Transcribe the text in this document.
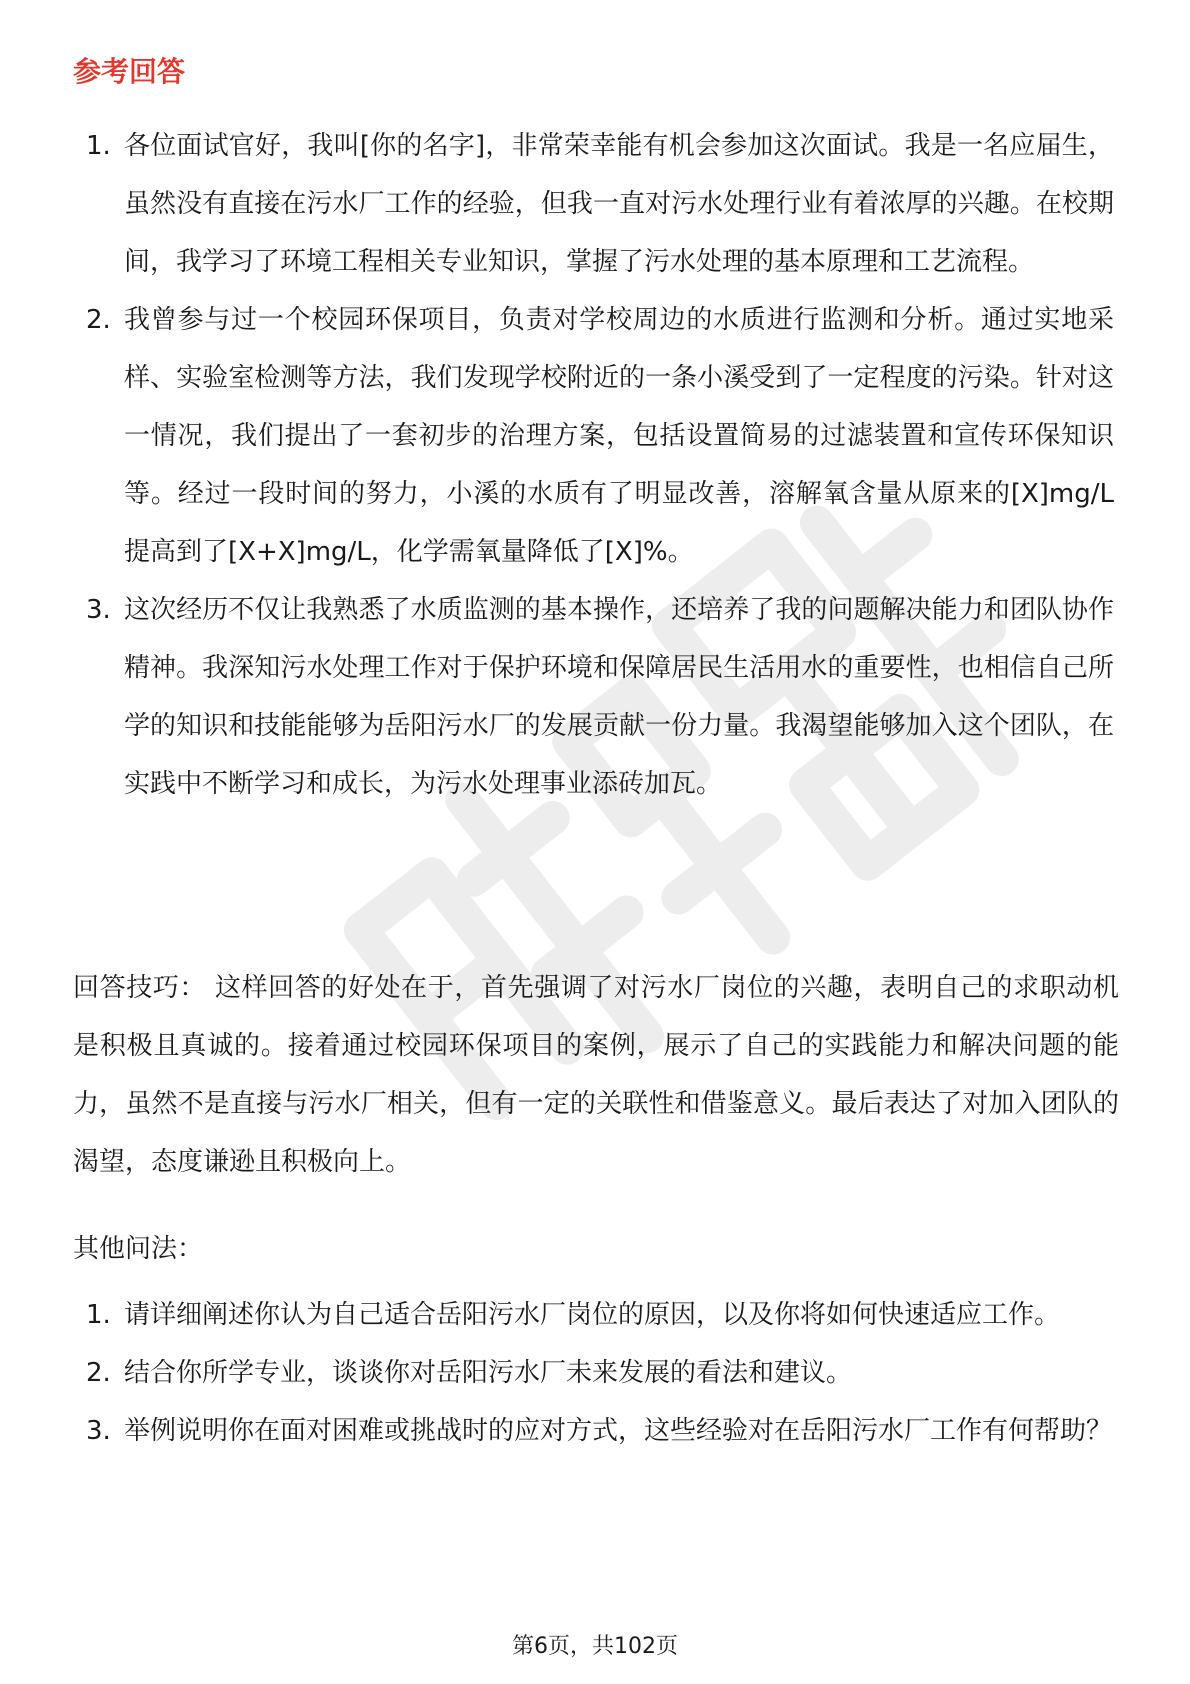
参考回答
1. 各位面试官好，我叫[你的名字]，非常荣幸能有机会参加这次面试。我是一名应届生，虽然没有直接在污水厂工作的经验，但我一直对污水处理行业有着浓厚的兴趣。在校期间，我学习了环境工程相关专业知识，掌握了污水处理的基本原理和工艺流程。
2. 我曾参与过一个校园环保项目，负责对学校周边的水质进行监测和分析。通过实地采样、实验室检测等方法，我们发现学校附近的一条小溪受到了一定程度的污染。针对这一情况，我们提出了一套初步的治理方案，包括设置简易的过滤装置和宣传环保知识等。经过一段时间的努力，小溪的水质有了明显改善，溶解氧含量从原来的[X]mg/L 提高到了[X+X]mg/L，化学需氧量降低了[X]%。
3. 这次经历不仅让我熟悉了水质监测的基本操作，还培养了我的问题解决能力和团队协作精神。我深知污水处理工作对于保护环境和保障居民生活用水的重要性，也相信自己所学的知识和技能能够为岳阳污水厂的发展贡献一份力量。我渴望能够加入这个团队，在实践中不断学习和成长，为污水处理事业添砖加瓦。

回答技巧： 这样回答的好处在于，首先强调了对污水厂岗位的兴趣，表明自己的求职动机是积极且真诚的。接着通过校园环保项目的案例，展示了自己的实践能力和解决问题的能力，虽然不是直接与污水厂相关，但有一定的关联性和借鉴意义。最后表达了对加入团队的渴望，态度谦逊且积极向上。

其他问法：

1. 请详细阐述你认为自己适合岳阳污水厂岗位的原因，以及你将如何快速适应工作。
2. 结合你所学专业，谈谈你对岳阳污水厂未来发展的看法和建议。
3. 举例说明你在面对困难或挑战时的应对方式，这些经验对在岳阳污水厂工作有何帮助？
第6页，共102页
